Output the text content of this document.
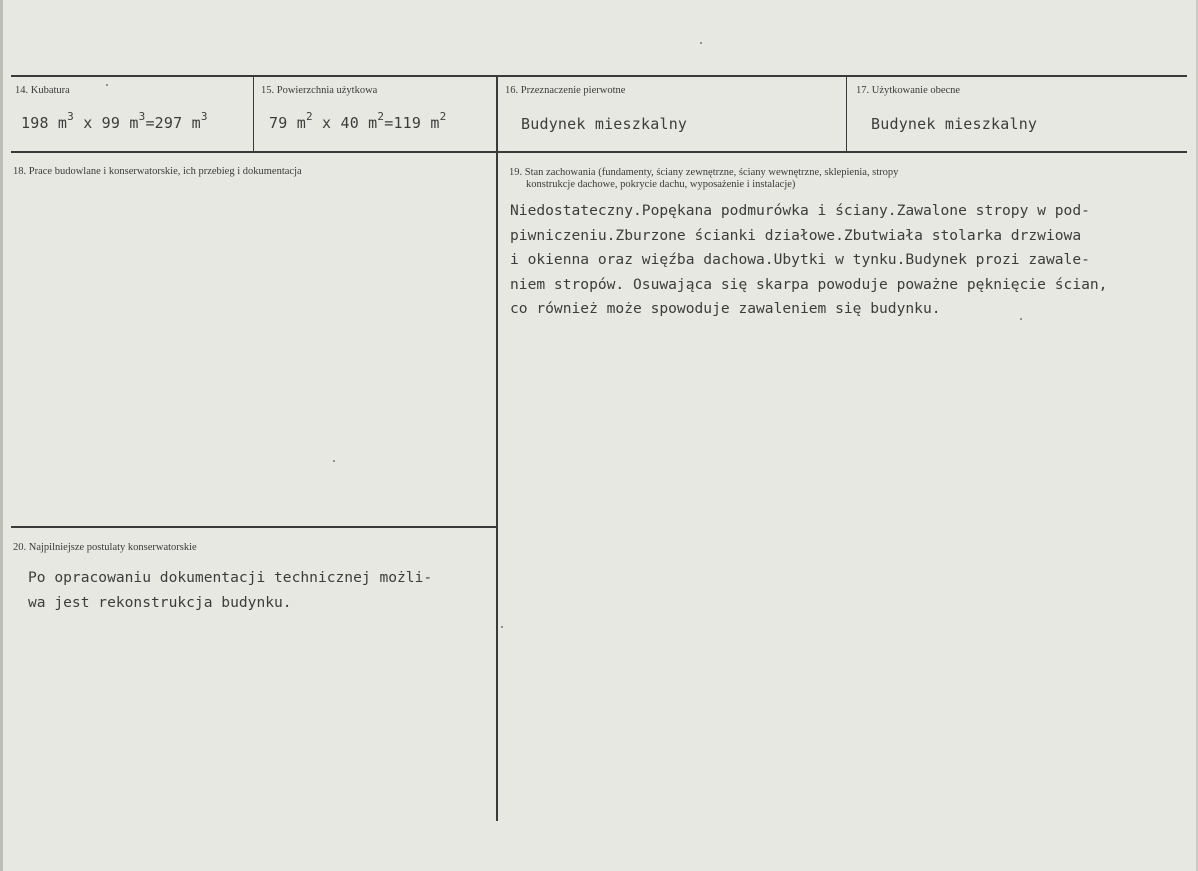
14. Kubatura
198 $m^3$ x 99 $m^3=297$ $m^3$
15. Powierzchnia użytkowa
79 $m^2$ x 40 $m^2=119$ $m^2$
16. Przeznaczenie pierwotne
Budynek mieszkalny
17. Użytkowanie obecne
Budynek mieszkalny
18. Prace budowlane i konserwatorskie, ich przebieg i dokumentacja	19. Stan zachowania (fundamenty, ściany zewnętrzne, ściany wewnętrzne, sklepienia, stropy
konstrukcje dachowe, pokrycie dachu, wyposażenie i instalacje)
Niedostateczny.Popękana podmurówka i ściany.Zawalone stropy w pod-
piwniczeniu.Zburzone ścianki działowe.Zbutwiała stolarka drzwiowa
i okienna oraz więźba dachowa.Ubytki w tynku.Budynek prozi zawale-
niem stropów. Osuwająca się skarpa powoduje poważne pęknięcie ścian,
co również może spowoduje zawaleniem się budynku.
20. Najpilniejsze postulaty konserwatorskie
Po opracowaniu dokumentacji technicznej możli-
wa jest rekonstrukcja budynku.
